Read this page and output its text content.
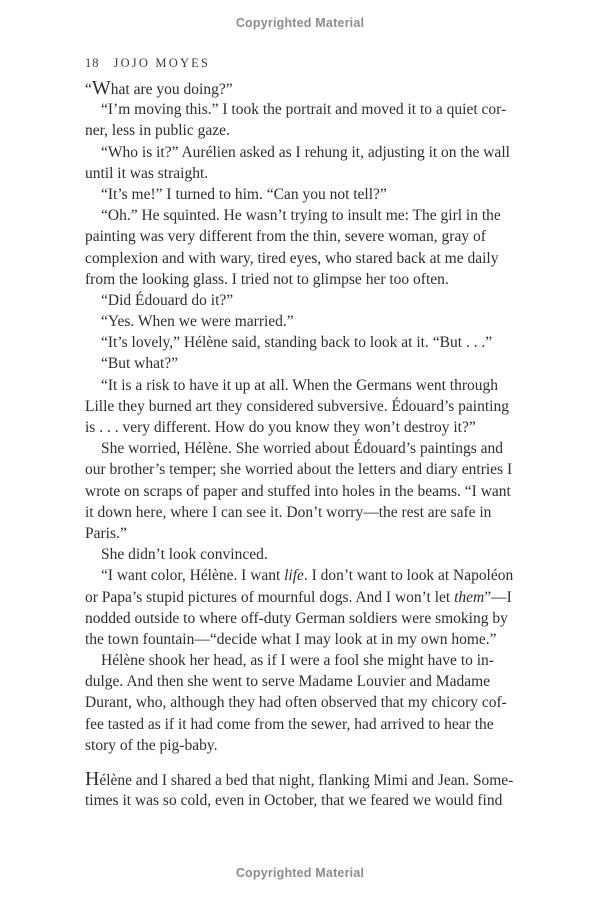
Copyrighted Material
18 JOJO MOYES
“What are you doing?”
“I’m moving this.” I took the portrait and moved it to a quiet cor-
ner, less in public gaze.
“Who is it?” Aurélien asked as I rehung it, adjusting it on the wall
until it was straight.
“It’s me!” I turned to him. “Can you not tell?”
“Oh.” He squinted. He wasn’t trying to insult me: The girl in the
painting was very different from the thin, severe woman, gray of
complexion and with wary, tired eyes, who stared back at me daily
from the looking glass. I tried not to glimpse her too often.
“Did Édouard do it?”
“Yes. When we were married.”
“It’s lovely,” Hélène said, standing back to look at it. “But . . .”
“But what?”
“It is a risk to have it up at all. When the Germans went through
Lille they burned art they considered subversive. Édouard’s painting
is . . . very different. How do you know they won’t destroy it?”
She worried, Hélène. She worried about Édouard’s paintings and
our brother’s temper; she worried about the letters and diary entries I
wrote on scraps of paper and stuffed into holes in the beams. “I want
it down here, where I can see it. Don’t worry—the rest are safe in
Paris.”
She didn’t look convinced.
“I want color, Hélène. I want life. I don’t want to look at Napoléon
or Papa’s stupid pictures of mournful dogs. And I won’t let them”—I
nodded outside to where off-duty German soldiers were smoking by
the town fountain—“decide what I may look at in my own home.”
Hélène shook her head, as if I were a fool she might have to in-
dulge. And then she went to serve Madame Louvier and Madame
Durant, who, although they had often observed that my chicory cof-
fee tasted as if it had come from the sewer, had arrived to hear the
story of the pig-baby.
Hélène and I shared a bed that night, flanking Mimi and Jean. Some-
times it was so cold, even in October, that we feared we would find
Copyrighted Material
